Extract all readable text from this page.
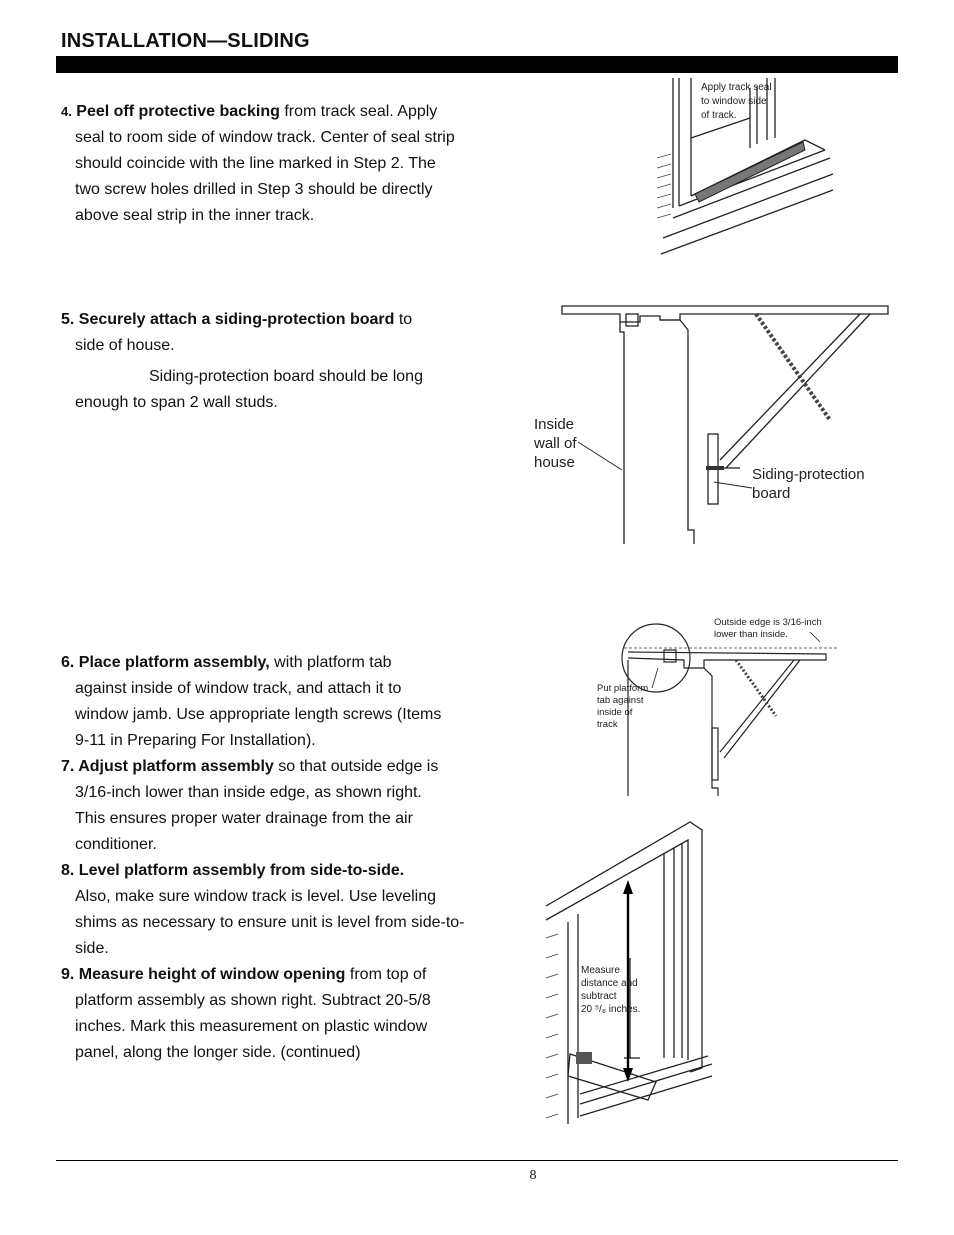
INSTALLATION—SLIDING

4. Peel off protective backing from track seal. Apply

seal to room side of window track. Center of seal strip

should coincide with the line marked in Step 2. The

two screw holes drilled in Step 3 should be directly

above seal strip in the inner track.

5. Securely attach a siding-protection board to

side of house.

Siding-protection board should be long

enough to span 2 wall studs.

6. Place platform assembly, with platform tab

against inside of window track, and attach it to

window jamb. Use appropriate length screws (Items

9-11 in Preparing For Installation).

7. Adjust platform assembly so that outside edge is

3/16-inch lower than inside edge, as shown right.

This ensures proper water drainage from the air

conditioner.

8. Level platform assembly from side-to-side.

Also, make sure window track is level. Use leveling

shims as necessary to ensure unit is level from side-to-

side.

9. Measure height of window opening from top of

platform assembly as shown right. Subtract 20-5/8

inches. Mark this measurement on plastic window

panel, along the longer side. (continued)

Apply track seal
to window side
of track.
Inside
wall of
house
Siding-protection
board
Outside edge is 3/16-inch
lower than inside.
Put platform
tab against
inside of
track
Measure
distance and
subtract
20 ⁵/₈ inches.
8
